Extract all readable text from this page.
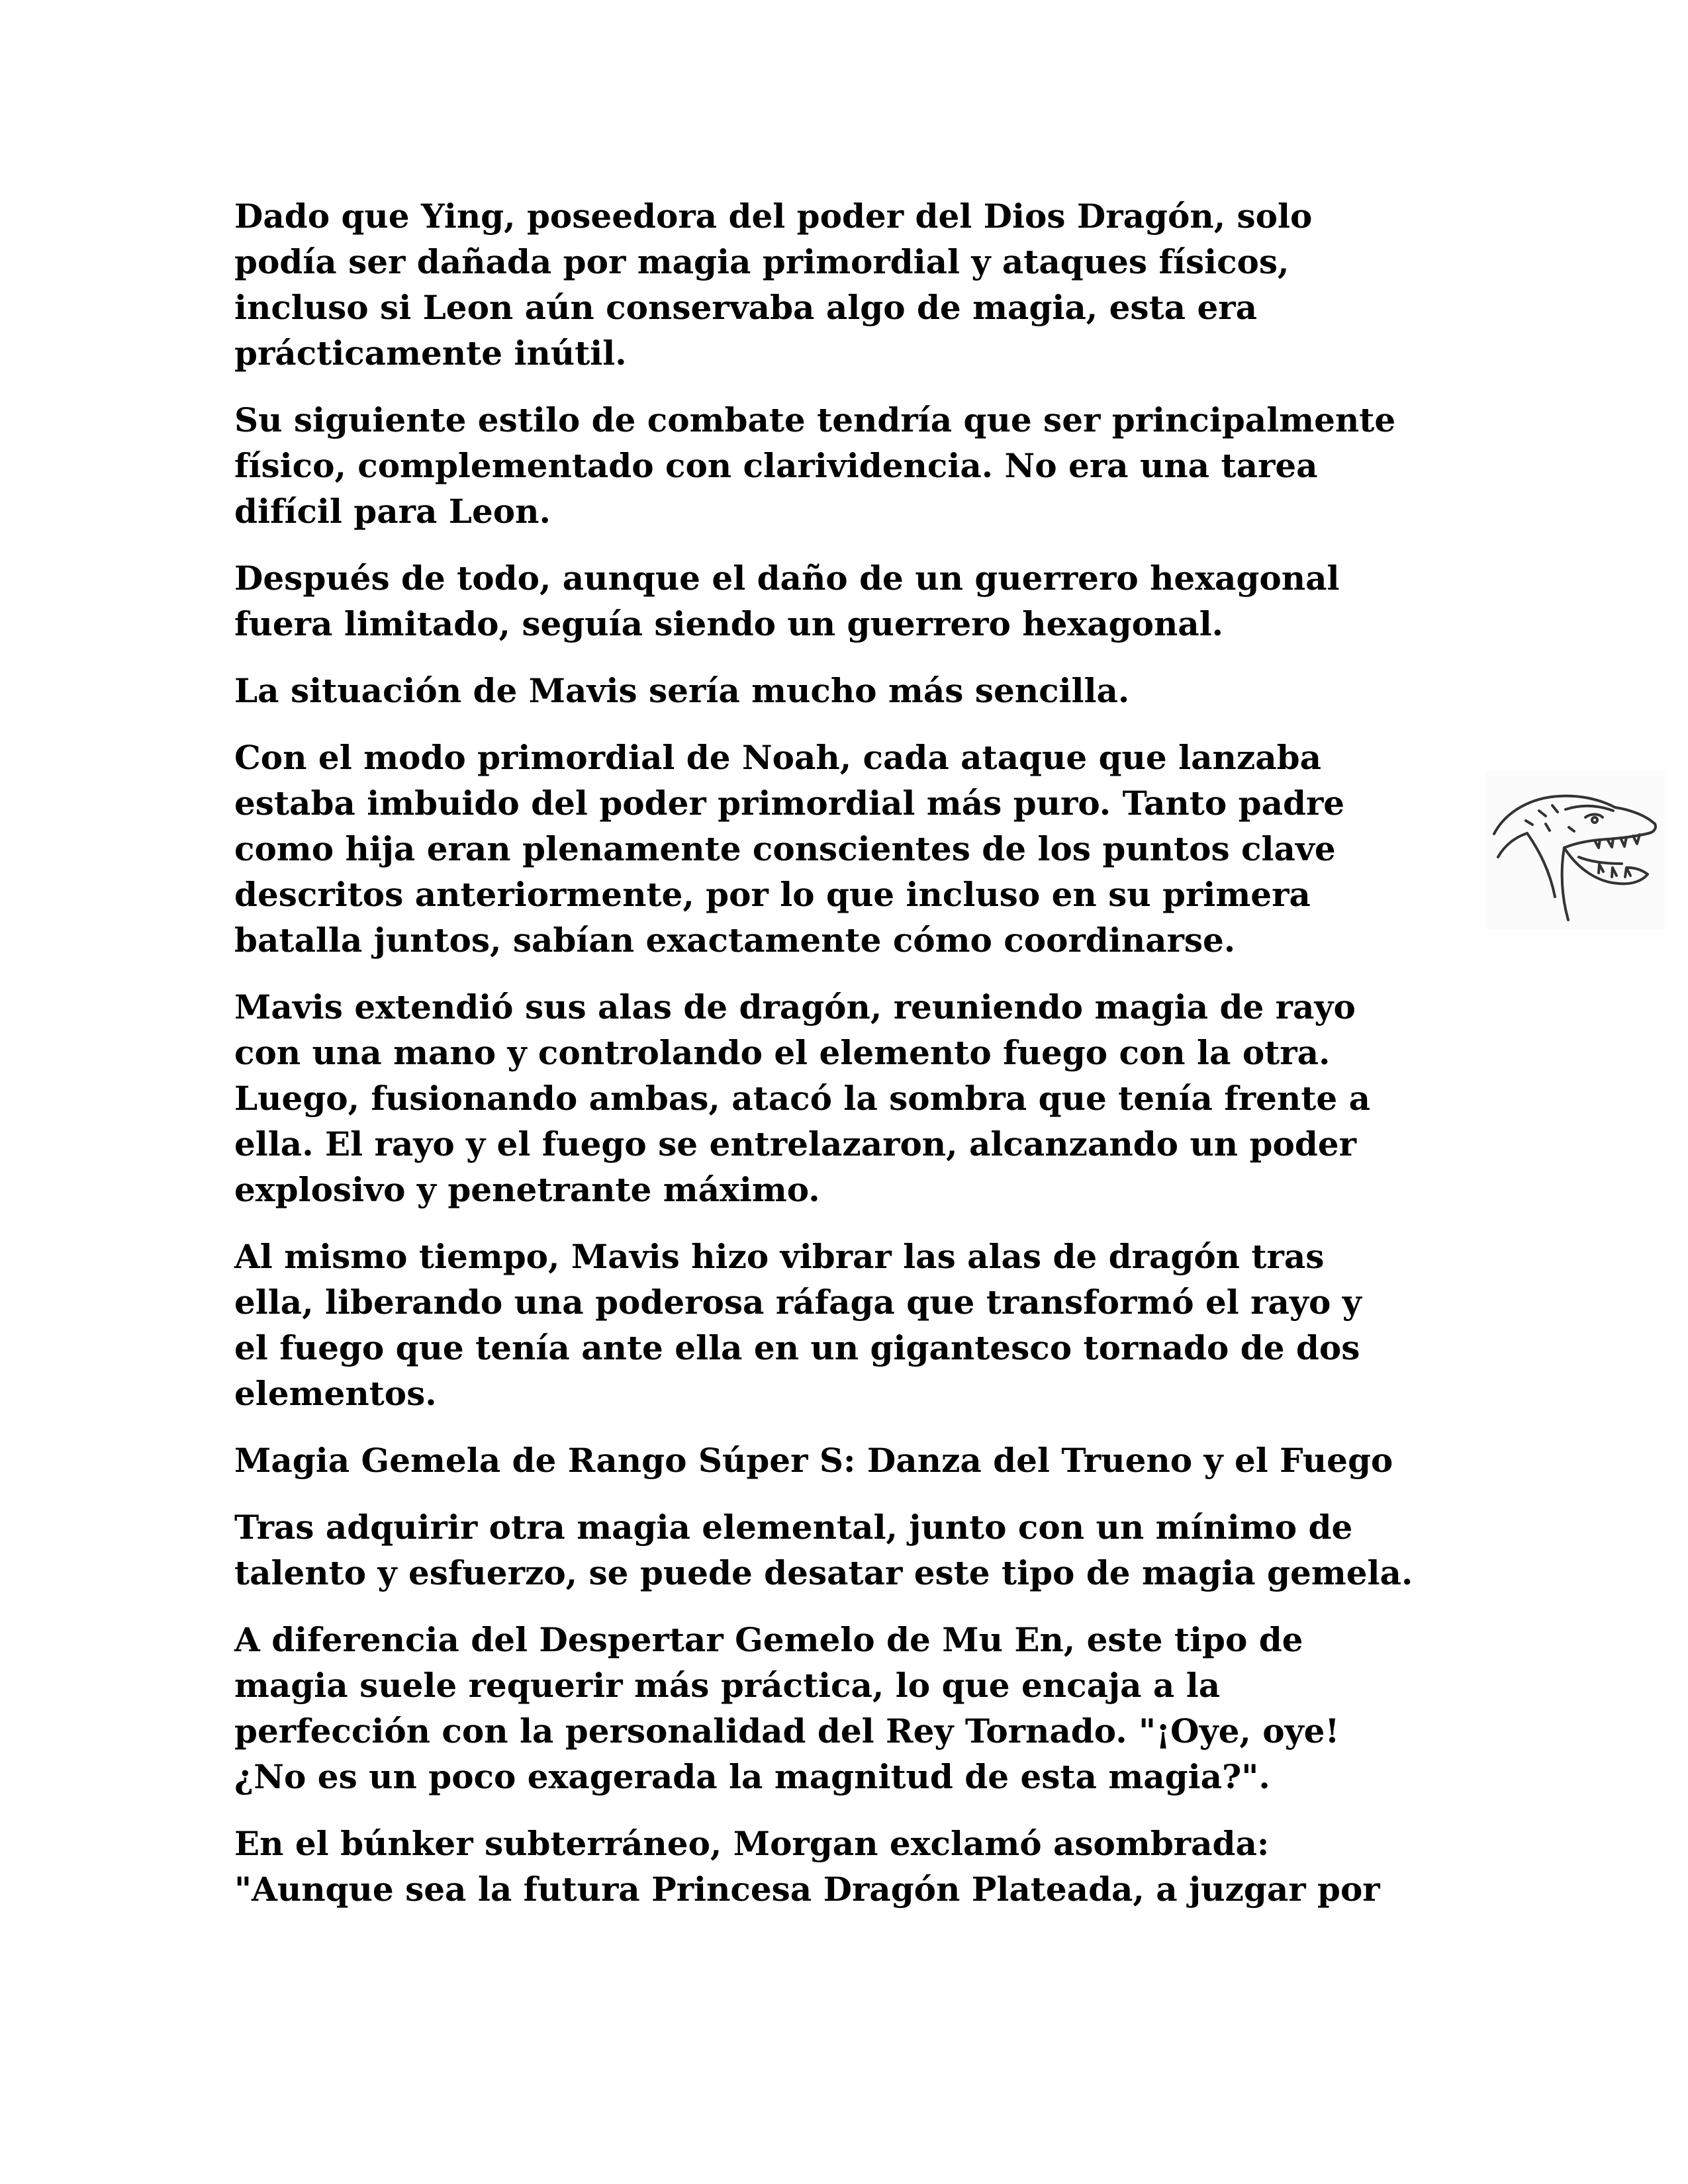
Dado que Ying, poseedora del poder del Dios Dragón, solo
podía ser dañada por magia primordial y ataques físicos,
incluso si Leon aún conservaba algo de magia, esta era
prácticamente inútil.

Su siguiente estilo de combate tendría que ser principalmente
físico, complementado con clarividencia. No era una tarea
difícil para Leon.

Después de todo, aunque el daño de un guerrero hexagonal
fuera limitado, seguía siendo un guerrero hexagonal.

La situación de Mavis sería mucho más sencilla.

Con el modo primordial de Noah, cada ataque que lanzaba
estaba imbuido del poder primordial más puro. Tanto padre
como hija eran plenamente conscientes de los puntos clave
descritos anteriormente, por lo que incluso en su primera
batalla juntos, sabían exactamente cómo coordinarse.

Mavis extendió sus alas de dragón, reuniendo magia de rayo
con una mano y controlando el elemento fuego con la otra.
Luego, fusionando ambas, atacó la sombra que tenía frente a
ella. El rayo y el fuego se entrelazaron, alcanzando un poder
explosivo y penetrante máximo.

Al mismo tiempo, Mavis hizo vibrar las alas de dragón tras
ella, liberando una poderosa ráfaga que transformó el rayo y
el fuego que tenía ante ella en un gigantesco tornado de dos
elementos.

Magia Gemela de Rango Súper S: Danza del Trueno y el Fuego

Tras adquirir otra magia elemental, junto con un mínimo de
talento y esfuerzo, se puede desatar este tipo de magia gemela.

A diferencia del Despertar Gemelo de Mu En, este tipo de
magia suele requerir más práctica, lo que encaja a la
perfección con la personalidad del Rey Tornado. "¡Oye, oye!
¿No es un poco exagerada la magnitud de esta magia?".

En el búnker subterráneo, Morgan exclamó asombrada:
"Aunque sea la futura Princesa Dragón Plateada, a juzgar por
